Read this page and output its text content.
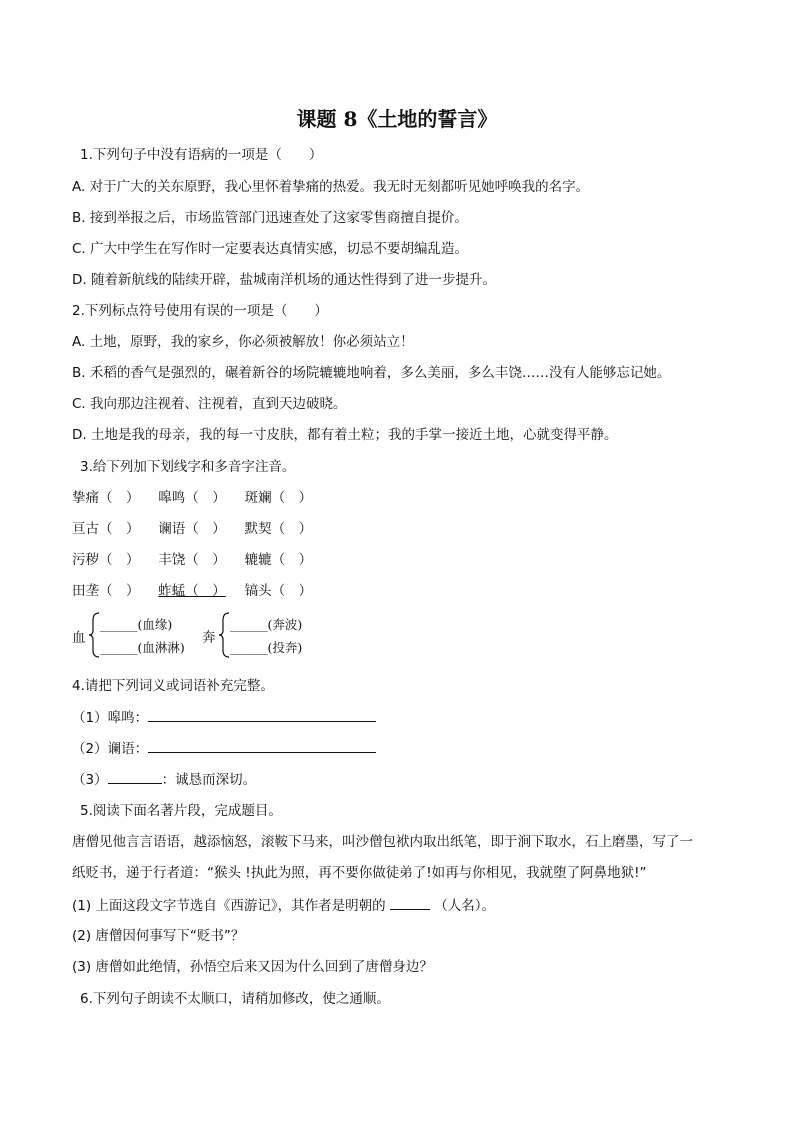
课题 8《土地的誓言》
1.下列句子中没有语病的一项是（　　）
A. 对于广大的关东原野，我心里怀着挚痛的热爱。我无时无刻都听见她呼唤我的名字。
B. 接到举报之后，市场监管部门迅速查处了这家零售商擅自提价。
C. 广大中学生在写作时一定要表达真情实感，切忌不要胡编乱造。
D. 随着新航线的陆续开辟，盐城南洋机场的通达性得到了进一步提升。
2.下列标点符号使用有误的一项是（　　）
A. 土地，原野，我的家乡，你必须被解放！你必须站立！
B. 禾稻的香气是强烈的，碾着新谷的场院辘辘地响着，多么美丽，多么丰饶……没有人能够忘记她。
C. 我向那边注视着、注视着，直到天边破晓。
D. 土地是我的母亲，我的每一寸皮肤，都有着土粒；我的手掌一接近土地，心就变得平静。
3.给下列加下划线字和多音字注音。
挚痛（　） 嗥鸣（　） 斑斓（　）
亘古（　） 谰语（　） 默契（　）
污秽（　） 丰饶（　） 辘辘（　）
田垄（　） 蚱蜢（　） 镐头（　）
血
______(血缘)
______(血淋淋)
奔
______(奔波)
______(投奔)
4.请把下列词义或词语补充完整。
（1）嗥鸣：
（2）谰语：
（3）	：诚恳而深切。
5.阅读下面名著片段，完成题目。
唐僧见他言言语语，越添恼怒，滚鞍下马来，叫沙僧包袱内取出纸笔，即于涧下取水，石上磨墨，写了一
纸贬书，递于行者道：“猴头 !执此为照，再不要你做徒弟了!如再与你相见，我就堕了阿鼻地狱!”
(1) 上面这段文字节选自《西游记》，其作者是明朝的	（人名）。
(2) 唐僧因何事写下“贬书”？
(3) 唐僧如此绝情，孙悟空后来又因为什么回到了唐僧身边？
6.下列句子朗读不太顺口，请稍加修改，使之通顺。
